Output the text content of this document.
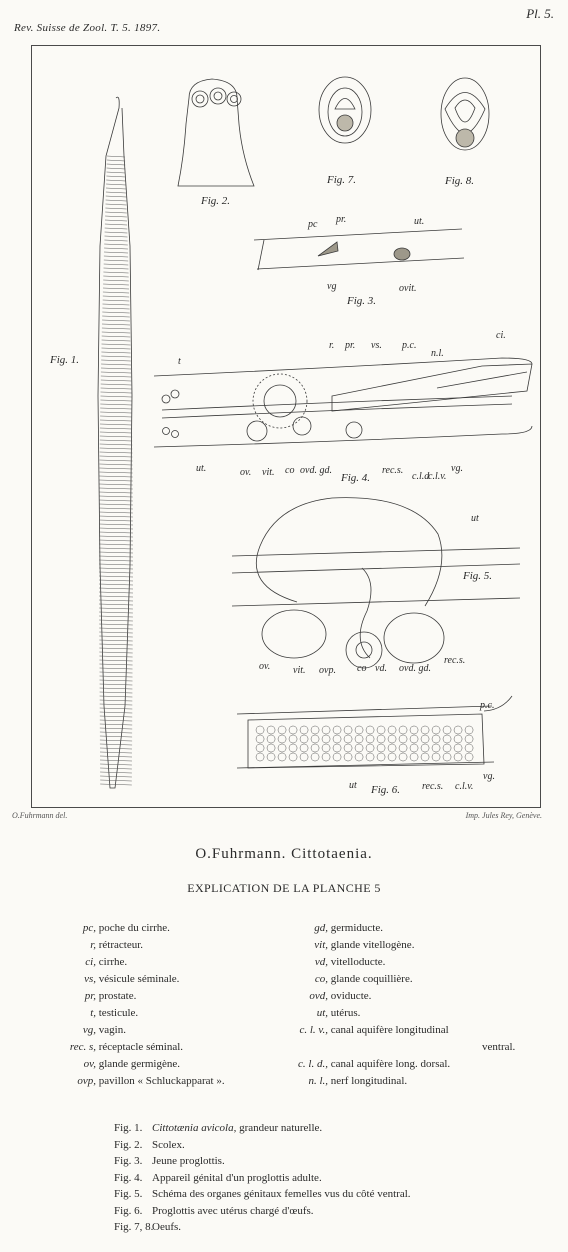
Rev. Suisse de Zool. T. 5. 1897.
Pl. 5.
Fig. 1.
Fig. 2.
Fig. 7.	Fig. 8.
Fig. 3.
Fig. 4.
Fig. 5.
Fig. 6.
pc pr.	ut.
vg	ovit.
t
r. pr. vs. p.c.
n.l.
ci.
ut.	ov. vit. co ovd. gd.	rec.s.
c.l.d
c.l.v.
vg.
ut
ov. vit. ovp. co vd. ovd. gd.
rec.s.
p.c.
ut	rec.s. c.l.v.
vg.
O.Fuhrmann del.	Imp. Jules Rey, Genève.
O.Fuhrmann. Cittotaenia.
EXPLICATION DE LA PLANCHE 5
pc, poche du cirrhe.
r, rétracteur.
ci, cirrhe.
vs, vésicule séminale.
pr, prostate.
t, testicule.
vg, vagin.
rec. s, réceptacle séminal.
ov, glande germigène.
ovp, pavillon « Schluckapparat ».
gd, germiducte.
vit, glande vitellogène.
vd, vitelloducte.
co, glande coquillière.
ovd, oviducte.
ut, utérus.
c. l. v., canal aquifère longitudinal
ventral.
c. l. d., canal aquifère long. dorsal.
n. l., nerf longitudinal.
Fig. 1. Cittotænia avicola, grandeur naturelle.
Fig. 2. Scolex.
Fig. 3. Jeune proglottis.
Fig. 4. Appareil génital d'un proglottis adulte.
Fig. 5. Schéma des organes génitaux femelles vus du côté ventral.
Fig. 6. Proglottis avec utérus chargé d'œufs.
Fig. 7, 8.Oeufs.
